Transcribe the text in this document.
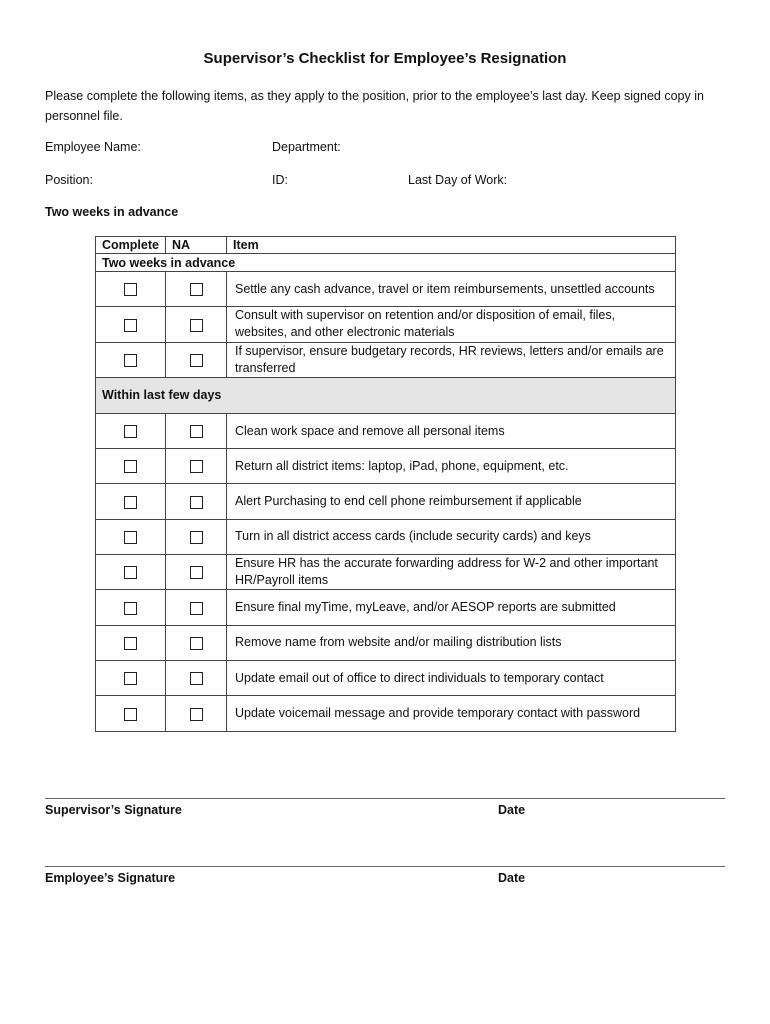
Supervisor’s Checklist for Employee’s Resignation
Please complete the following items, as they apply to the position, prior to the employee’s last day. Keep signed copy in personnel file.
Employee Name:	Department:
Position:	ID:	Last Day of Work:
Two weeks in advance
Complete	NA	Item
Two weeks in advance		
		Settle any cash advance, travel or item reimbursements, unsettled accounts
		Consult with supervisor on retention and/or disposition of email, files, websites, and other electronic materials
		If supervisor, ensure budgetary records, HR reviews, letters and/or emails are transferred
Within last few days		
		Clean work space and remove all personal items
		Return all district items: laptop, iPad, phone, equipment, etc.
		Alert Purchasing to end cell phone reimbursement if applicable
		Turn in all district access cards (include security cards) and keys
		Ensure HR has the accurate forwarding address for W-2 and other important HR/Payroll items
		Ensure final myTime, myLeave, and/or AESOP reports are submitted
		Remove name from website and/or mailing distribution lists
		Update email out of office to direct individuals to temporary contact
		Update voicemail message and provide temporary contact with password
Supervisor’s Signature	Date
Employee’s Signature	Date
